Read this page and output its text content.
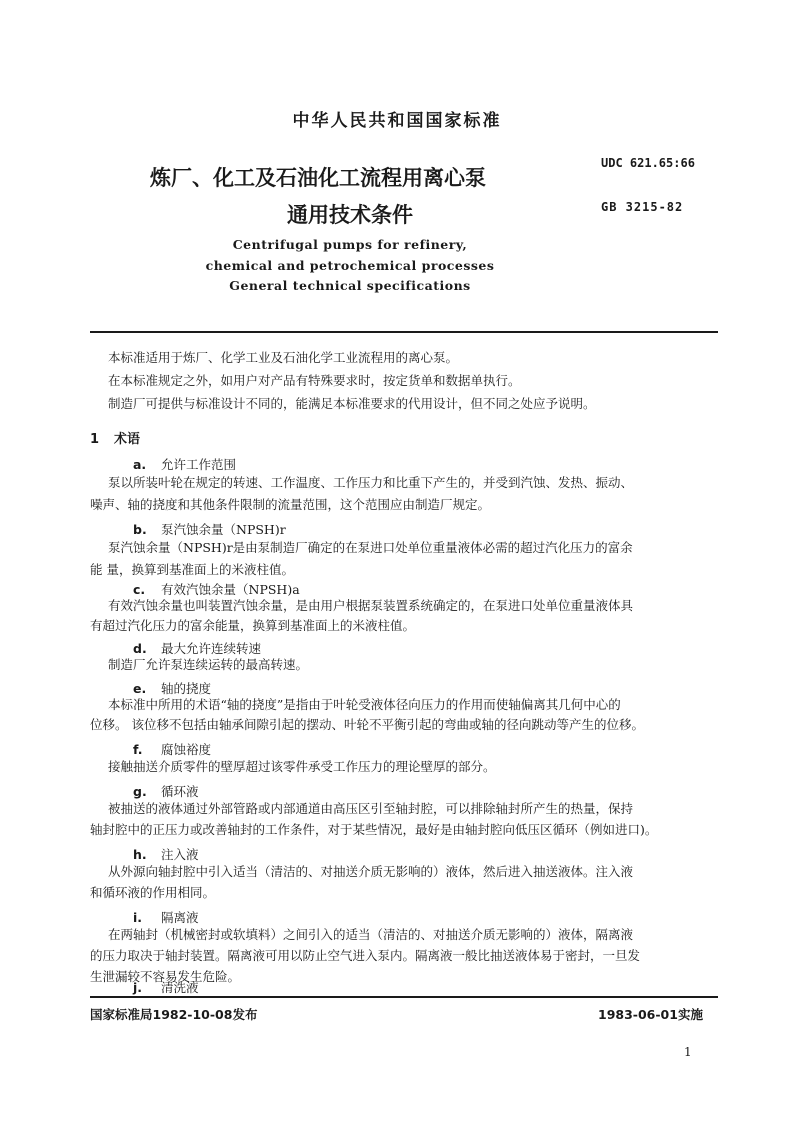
中华人民共和国国家标准
炼厂、化工及石油化工流程用离心泵
通用技术条件
UDC 621.65:66
GB 3215-82
Centrifugal pumps for refinery,
chemical and petrochemical processes
General technical specifications
本标准适用于炼厂、化学工业及石油化学工业流程用的离心泵。
在本标准规定之外，如用户对产品有特殊要求时，按定货单和数据单执行。
制造厂可提供与标准设计不同的，能满足本标准要求的代用设计，但不同之处应予说明。
1 术语
a. 允许工作范围
泵以所装叶轮在规定的转速、工作温度、工作压力和比重下产生的，并受到汽蚀、发热、振动、
噪声、轴的挠度和其他条件限制的流量范围，这个范围应由制造厂规定。
b. 泵汽蚀余量（NPSH)r
泵汽蚀余量（NPSH)r是由泵制造厂确定的在泵进口处单位重量液体必需的超过汽化压力的富余
能 量，换算到基准面上的米液柱值。
c. 有效汽蚀余量（NPSH)a
有效汽蚀余量也叫装置汽蚀余量，是由用户根据泵装置系统确定的，在泵进口处单位重量液体具
有超过汽化压力的富余能量，换算到基准面上的米液柱值。
d. 最大允许连续转速
制造厂允许泵连续运转的最高转速。
e. 轴的挠度
本标准中所用的术语“轴的挠度”是指由于叶轮受液体径向压力的作用而使轴偏离其几何中心的
位移。 该位移不包括由轴承间隙引起的摆动、叶轮不平衡引起的弯曲或轴的径向跳动等产生的位移。
f. 腐蚀裕度
接触抽送介质零件的壁厚超过该零件承受工作压力的理论壁厚的部分。
g. 循环液
被抽送的液体通过外部管路或内部通道由高压区引至轴封腔，可以排除轴封所产生的热量，保持
轴封腔中的正压力或改善轴封的工作条件，对于某些情况，最好是由轴封腔向低压区循环（例如进口)。
h. 注入液
从外源向轴封腔中引入适当（清洁的、对抽送介质无影响的）液体，然后进入抽送液体。注入液
和循环液的作用相同。
i. 隔离液
在两轴封（机械密封或软填料）之间引入的适当（清洁的、对抽送介质无影响的）液体，隔离液
的压力取决于轴封装置。隔离液可用以防止空气进入泵内。隔离液一般比抽送液体易于密封，一旦发
生泄漏较不容易发生危险。
j. 清洗液
国家标准局1982-10-08发布	1983-06-01实施
1
